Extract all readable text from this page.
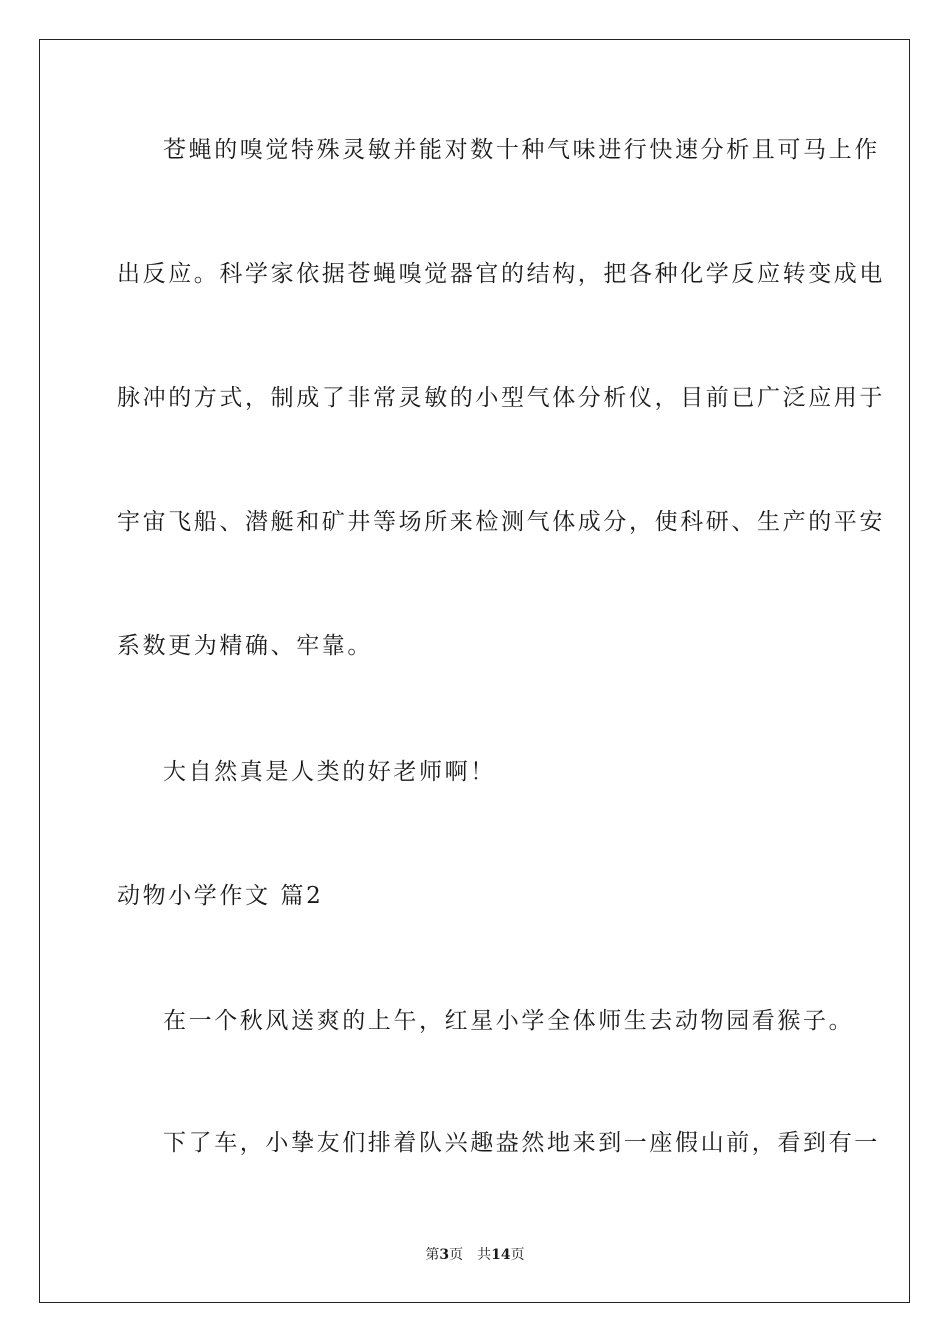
苍蝇的嗅觉特殊灵敏并能对数十种气味进行快速分析且可马上作
出反应。科学家依据苍蝇嗅觉器官的结构，把各种化学反应转变成电
脉冲的方式，制成了非常灵敏的小型气体分析仪，目前已广泛应用于
宇宙飞船、潜艇和矿井等场所来检测气体成分，使科研、生产的平安
系数更为精确、牢靠。
大自然真是人类的好老师啊！
动物小学作文 篇2
在一个秋风送爽的上午，红星小学全体师生去动物园看猴子。
下了车，小挚友们排着队兴趣盎然地来到一座假山前，看到有一
第3页 共14页
